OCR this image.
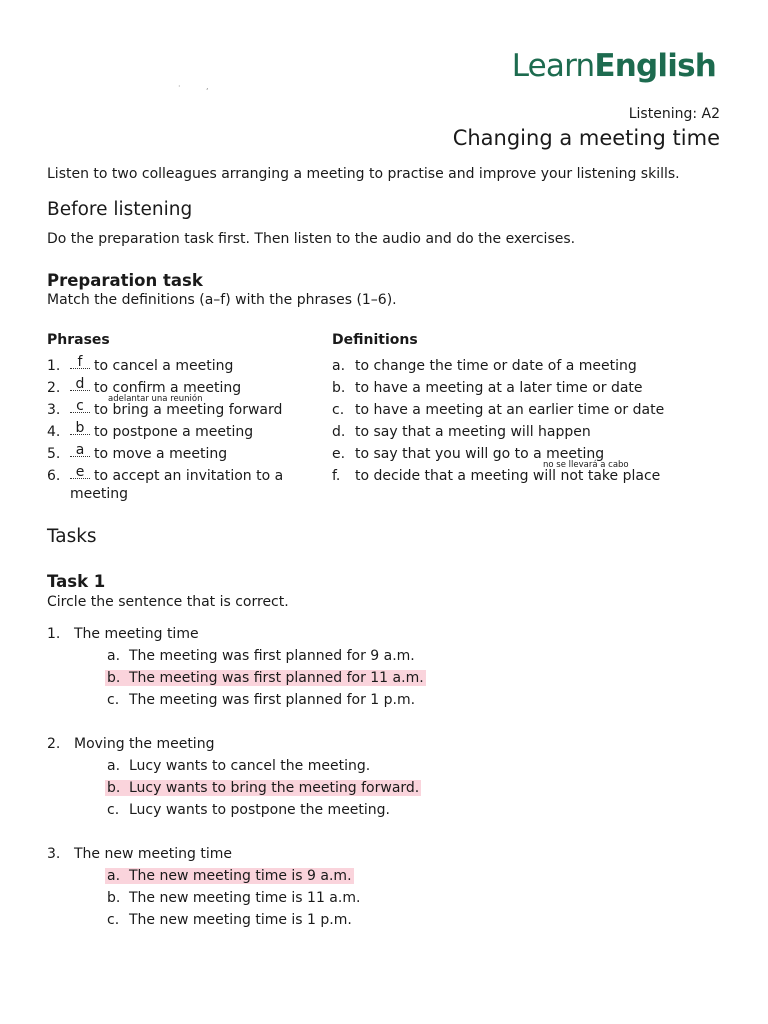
·          ,
LearnEnglish
Listening: A2
Changing a meeting time
Listen to two colleagues arranging a meeting to practise and improve your listening skills.
Before listening
Do the preparation task first. Then listen to the audio and do the exercises.
Preparation task
Match the definitions (a–f) with the phrases (1–6).
Phrases	Definitions
1. f to cancel a meeting
2. d to confirm a meeting
adelantar una reunión
3. c to bring a meeting forward
4. b to postpone a meeting
5. a to move a meeting
6. e to accept an invitation to a
meeting
a. to change the time or date of a meeting
b. to have a meeting at a later time or date
c. to have a meeting at an earlier time or date
d. to say that a meeting will happen
e. to say that you will go to a meeting
no se llevará a cabo
f. to decide that a meeting will not take place
Tasks
Task 1
Circle the sentence that is correct.
1. The meeting time
a. The meeting was first planned for 9 a.m.
b. The meeting was first planned for 11 a.m.
c. The meeting was first planned for 1 p.m.
2. Moving the meeting
a. Lucy wants to cancel the meeting.
b. Lucy wants to bring the meeting forward.
c. Lucy wants to postpone the meeting.
3. The new meeting time
a. The new meeting time is 9 a.m.
b. The new meeting time is 11 a.m.
c. The new meeting time is 1 p.m.
